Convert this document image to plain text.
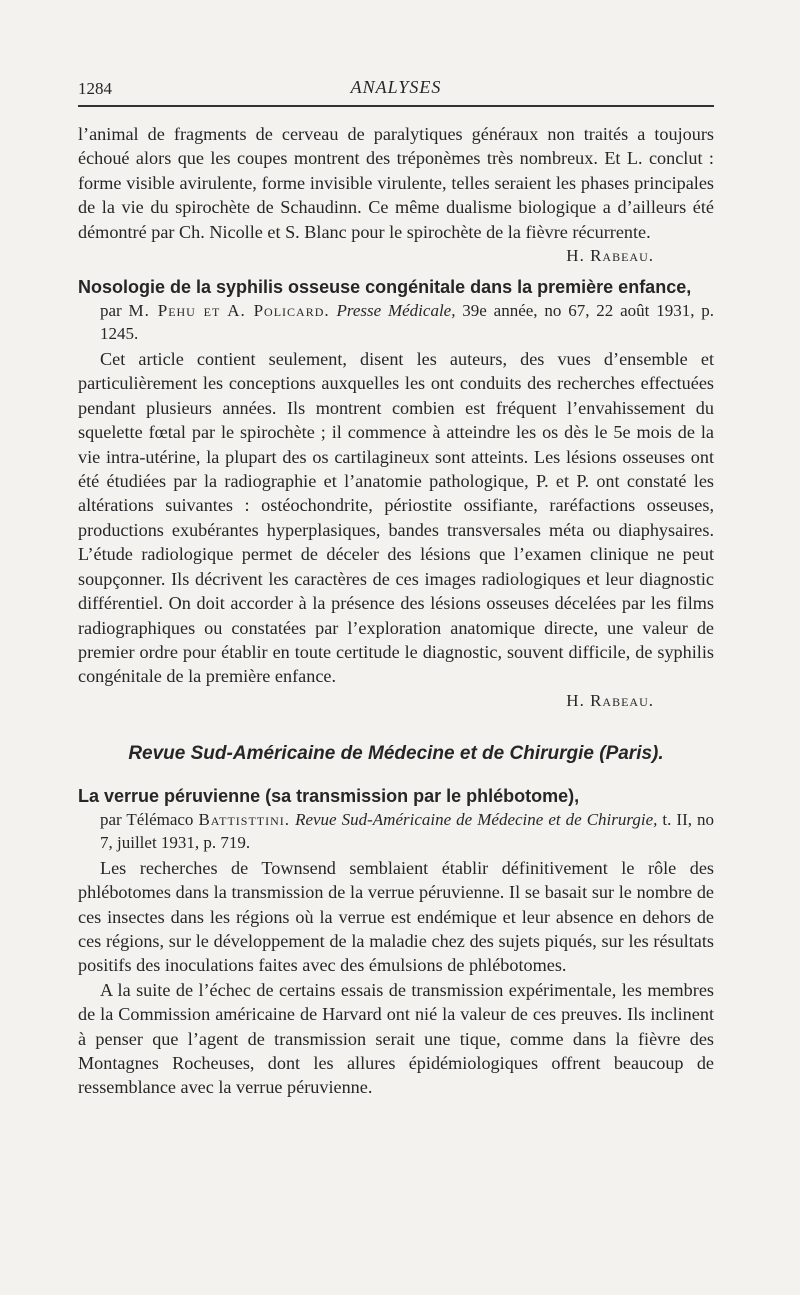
1284	ANALYSES

l’animal de fragments de cerveau de paralytiques généraux non traités a toujours échoué alors que les coupes montrent des tréponèmes très nombreux. Et L. conclut : forme visible avirulente, forme invisible virulente, telles seraient les phases principales de la vie du spirochète de Schaudinn. Ce même dualisme biologique a d’ailleurs été démontré par Ch. Nicolle et S. Blanc pour le spirochète de la fièvre récurrente.

H. Rabeau.
Nosologie de la syphilis osseuse congénitale dans la première enfance,

par M. Pehu et A. Policard. Presse Médicale, 39e année, no 67, 22 août 1931, p. 1245.

Cet article contient seulement, disent les auteurs, des vues d’ensemble et particulièrement les conceptions auxquelles les ont conduits des recherches effectuées pendant plusieurs années. Ils montrent combien est fréquent l’envahissement du squelette fœtal par le spirochète ; il commence à atteindre les os dès le 5e mois de la vie intra-utérine, la plupart des os cartilagineux sont atteints. Les lésions osseuses ont été étudiées par la radiographie et l’anatomie pathologique, P. et P. ont constaté les altérations suivantes : ostéochondrite, périostite ossifiante, raréfactions osseuses, productions exubérantes hyperplasiques, bandes transversales méta ou diaphysaires. L’étude radiologique permet de déceler des lésions que l’examen clinique ne peut soupçonner. Ils décrivent les caractères de ces images radiologiques et leur diagnostic différentiel. On doit accorder à la présence des lésions osseuses décelées par les films radiographiques ou constatées par l’exploration anatomique directe, une valeur de premier ordre pour établir en toute certitude le diagnostic, souvent difficile, de syphilis congénitale de la première enfance.

H. Rabeau.
Revue Sud-Américaine de Médecine et de Chirurgie (Paris).
La verrue péruvienne (sa transmission par le phlébotome),

par Télémaco Battisttini. Revue Sud-Américaine de Médecine et de Chirurgie, t. II, no 7, juillet 1931, p. 719.

Les recherches de Townsend semblaient établir définitivement le rôle des phlébotomes dans la transmission de la verrue péruvienne. Il se basait sur le nombre de ces insectes dans les régions où la verrue est endémique et leur absence en dehors de ces régions, sur le développement de la maladie chez des sujets piqués, sur les résultats positifs des inoculations faites avec des émulsions de phlébotomes.

A la suite de l’échec de certains essais de transmission expérimentale, les membres de la Commission américaine de Harvard ont nié la valeur de ces preuves. Ils inclinent à penser que l’agent de transmission serait une tique, comme dans la fièvre des Montagnes Rocheuses, dont les allures épidémiologiques offrent beaucoup de ressemblance avec la verrue péruvienne.
